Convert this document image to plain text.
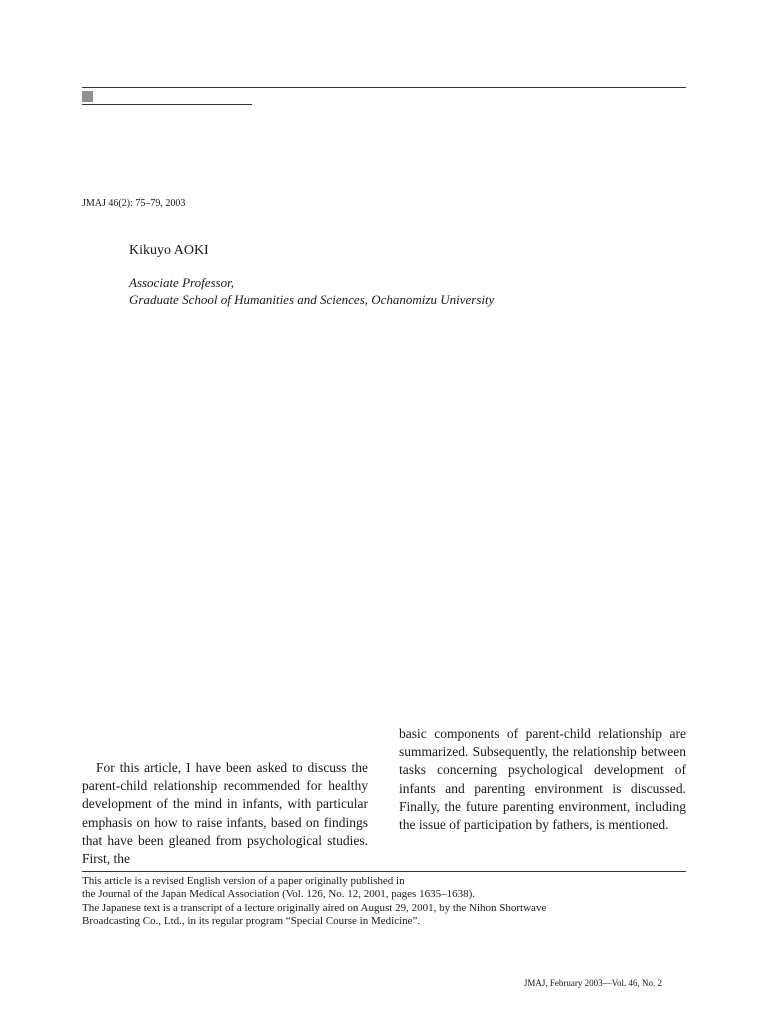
JMAJ 46(2): 75–79, 2003
Kikuyo AOKI
Associate Professor,
Graduate School of Humanities and Sciences, Ochanomizu University
For this article, I have been asked to discuss the parent-child relationship recommended for healthy development of the mind in infants, with particular emphasis on how to raise infants, based on findings that have been gleaned from psychological studies. First, the
basic components of parent-child relationship are summarized. Subsequently, the relationship between tasks concerning psychological development of infants and parenting environment is discussed. Finally, the future parenting environment, including the issue of participation by fathers, is mentioned.
This article is a revised English version of a paper originally published in
the Journal of the Japan Medical Association (Vol. 126, No. 12, 2001, pages 1635–1638).
The Japanese text is a transcript of a lecture originally aired on August 29, 2001, by the Nihon Shortwave
Broadcasting Co., Ltd., in its regular program “Special Course in Medicine”.
JMAJ, February 2003—Vol. 46, No. 2
